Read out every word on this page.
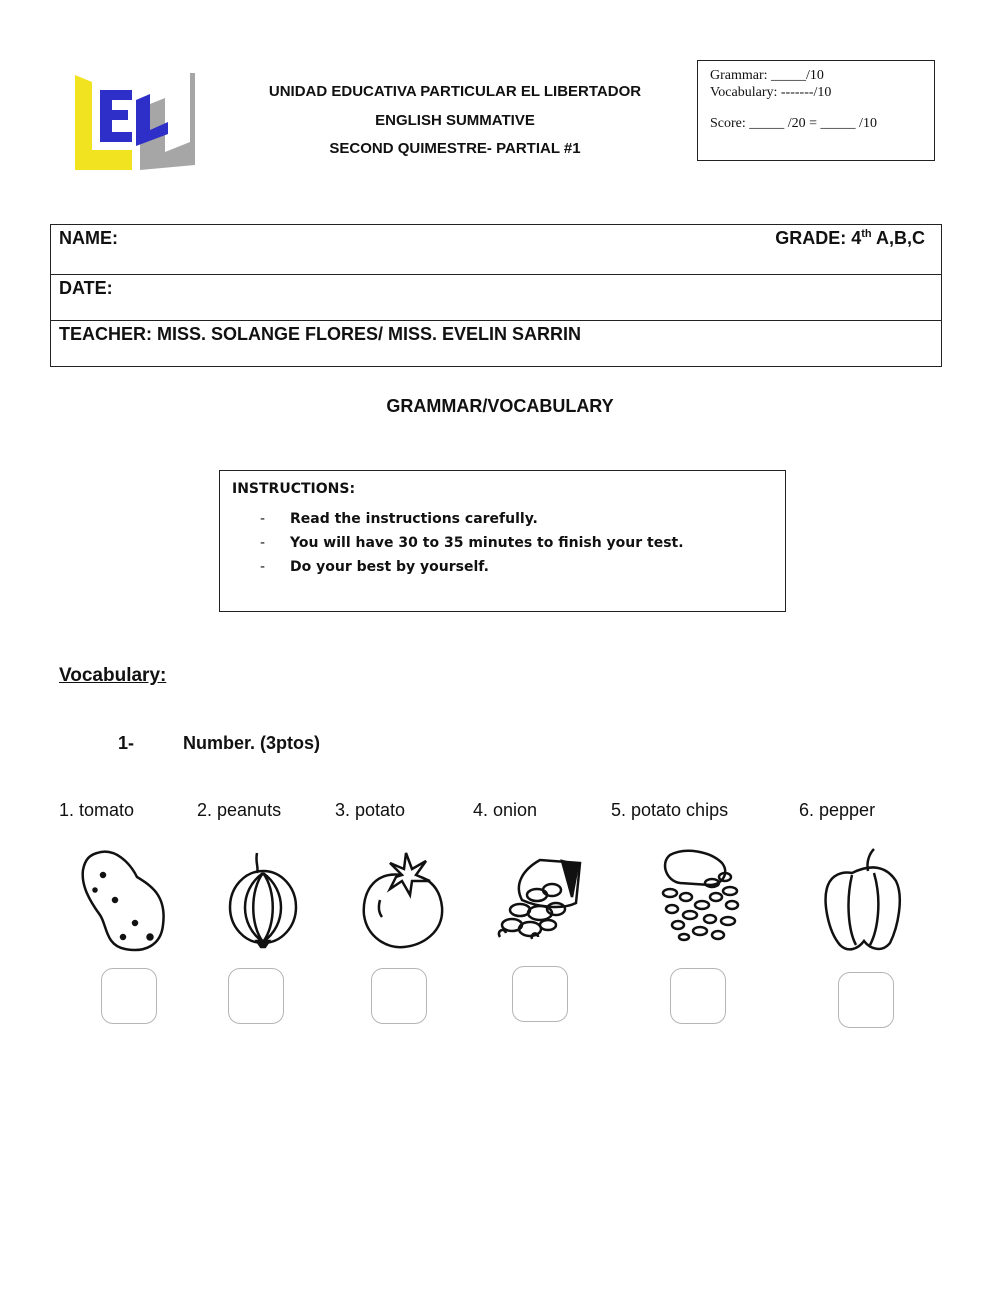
EL
UNIDAD EDUCATIVA PARTICULAR EL LIBERTADOR
ENGLISH SUMMATIVE
SECOND QUIMESTRE- PARTIAL #1
Grammar: _____/10
Vocabulary: -------/10
Score: _____ /20 = _____ /10
NAME:	GRADE: 4th A,B,C
DATE:
TEACHER: MISS. SOLANGE FLORES/ MISS. EVELIN SARRIN
GRAMMAR/VOCABULARY
INSTRUCTIONS:
- Read the instructions carefully.
- You will have 30 to 35 minutes to finish your test.
- Do your best by yourself.
Vocabulary:
1-	Number. (3ptos)
1. tomato	2. peanuts	3. potato	4. onion	5. potato chips	6. pepper
